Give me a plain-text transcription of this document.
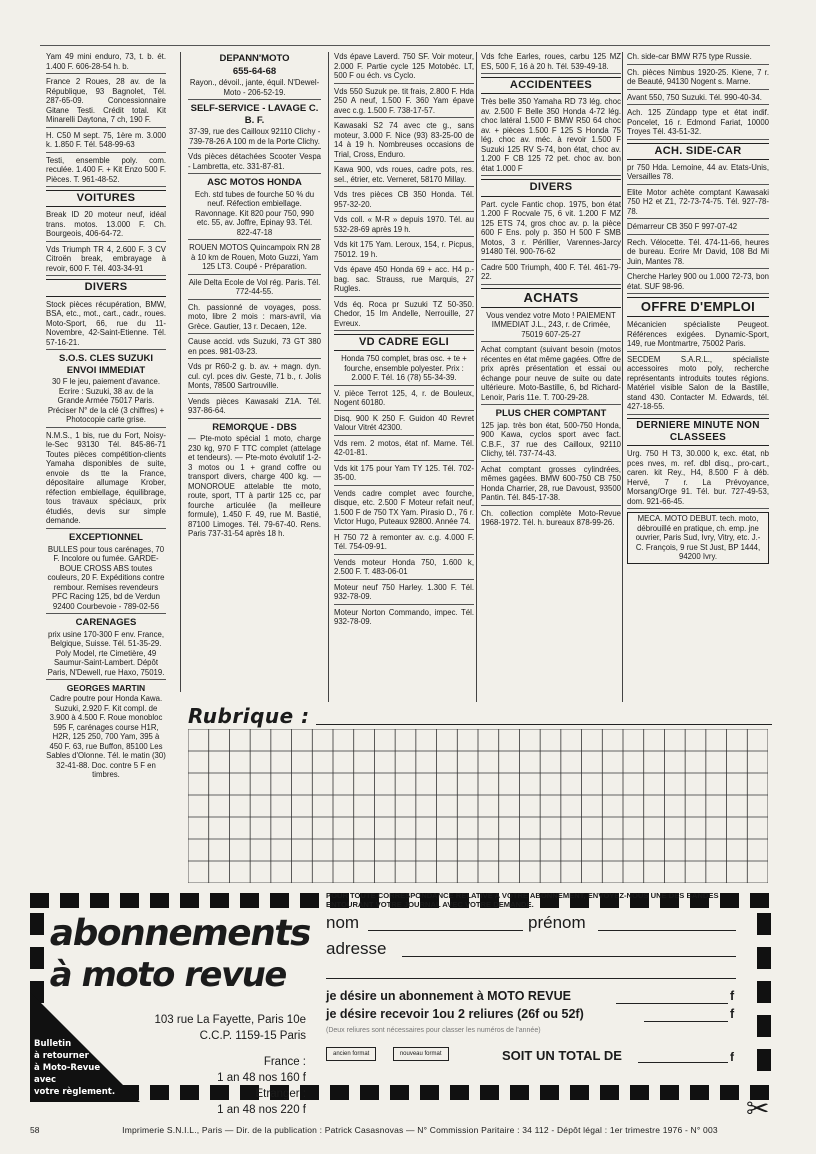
Yam 49 mini enduro, 73, t. b. ét. 1.400 F. 606-28-54 h. b.
France 2 Roues, 28 av. de la République, 93 Bagnolet, Tél. 287-65-09. Concessionnaire Gitane Testi. Crédit total. Kit Minarelli Daytona, 7 ch, 190 F.
H. C50 M sept. 75, 1ère m. 3.000 k. 1.850 F. Tél. 548-99-63
Testi, ensemble poly. com. reculée. 1.400 F. + Kit Enzo 500 F. Pièces. T. 961-48-52.
VOITURES
Break ID 20 moteur neuf, idéal trans. motos. 13.000 F. Ch. Bourgeois, 406-64-72.
Vds Triumph TR 4, 2.600 F. 3 CV Citroën break, embrayage à revoir, 600 F. Tél. 403-34-91
DIVERS
Stock pièces récupération, BMW, BSA, etc., mot., cart., cadr., roues. Moto-Sport, 66, rue du 11-Novembre, 42-Saint-Etienne. Tél. 57-16-21.
S.O.S. CLES SUZUKI ENVOI IMMEDIAT
30 F le jeu, paiement d'avance. Ecrire : Suzuki, 38 av. de la Grande Armée 75017 Paris. Préciser N° de la clé (3 chiffres) + Photocopie carte grise.
N.M.S., 1 bis, rue du Fort, Noisy-le-Sec 93130 Tél. 845-86-71 Toutes pièces compétition-clients Yamaha disponibles de suite, envoie ds tte la France, dépositaire allumage Krober, réfection embiellage, équilibrage, tous travaux spéciaux, prix étudiés, devis sur simple demande.
EXCEPTIONNEL
BULLES pour tous carénages, 70 F. Incolore ou fumée. GARDE-BOUE CROSS ABS toutes couleurs, 20 F. Expéditions contre rembour. Remises revendeurs PFC Racing 125, bd de Verdun 92400 Courbevoie - 789-02-56
CARENAGES
prix usine 170-300 F env. France, Belgique, Suisse. Tél. 51-35-29. Poly Model, rte Cimetière, 49 Saumur-Saint-Lambert. Dépôt Paris, N'Dewell, rue Haxo, 75019.
GEORGES MARTIN
Cadre poutre pour Honda Kawa. Suzuki, 2.920 F. Kit compl. de 3.900 à 4.500 F. Roue monobloc 595 F, carénages course H1R, H2R, 125 250, 700 Yam, 395 à 450 F. 63, rue Buffon, 85100 Les Sables d'Olonne. Tél. le matin (30) 32-41-88. Doc. contre 5 F en timbres.
DEPANN'MOTO
655-64-68
Rayon., dévoil., jante, équil. N'Dewel-Moto - 206-52-19.
SELF-SERVICE - LAVAGE C. B. F.
37-39, rue des Cailloux 92110 Clichy - 739-78-26 A 100 m de la Porte Clichy.
Vds pièces détachées Scooter Vespa - Lambretta, etc. 331-87-81.
ASC MOTOS HONDA
Ech. std tubes de fourche 50 % du neuf. Réfection embiellage. Ravonnage. Kit 820 pour 750, 990 etc. 55, av. Joffre, Epinay 93. Tél. 822-47-18
ROUEN MOTOS Quincampoix RN 28 à 10 km de Rouen, Moto Guzzi, Yam 125 LT3. Coupé - Préparation.
Aile Delta Ecole de Vol rég. Paris. Tél. 772-44-55.
Ch. passionné de voyages, poss. moto, libre 2 mois : mars-avril, via Grèce. Gautier, 13 r. Decaen, 12e.
Cause accid. vds Suzuki, 73 GT 380 en pces. 981-03-23.
Vds pr R60-2 g. b. av. + magn. dyn. cul. cyl. pces div. Geste, 71 b., r. Jolis Monts, 78500 Sartrouville.
Vends pièces Kawasaki Z1A. Tél. 937-86-64.
REMORQUE - DBS
— Pte-moto spécial 1 moto, charge 230 kg, 970 F TTC complet (attelage et tendeurs). — Pte-moto évolutif 1-2-3 motos ou 1 + grand coffre ou transport divers, charge 400 kg. — MONOROUE attelable tte moto, route, sport, TT à partir 125 cc, par fourche articulée (la meilleure formule), 1.450 F. 49, rue M. Bastié, 87100 Limoges. Tél. 79-67-40. Rens. Paris 737-31-54 après 18 h.
Vds épave Laverd. 750 SF. Voir moteur, 2.000 F. Partie cycle 125 Motobéc. LT, 500 F ou éch. vs Cyclo.
Vds 550 Suzuk pe. tit frais, 2.800 F. Hda 250 A neuf, 1.500 F. 360 Yam épave avec c.g. 1.500 F. 738-17-57.
Kawasaki S2 74 avec cte g., sans moteur, 3.000 F. Nice (93) 83-25-00 de 14 à 19 h. Nombreuses occasions de Trial, Cross, Enduro.
Kawa 900, vds roues, cadre pots, res. sel., étrier, etc. Verneret, 58170 Millay.
Vds tres pièces CB 350 Honda. Tél. 957-32-20.
Vds coll. « M-R » depuis 1970. Tél. au 532-28-69 après 19 h.
Vds kit 175 Yam. Leroux, 154, r. Picpus, 75012. 19 h.
Vds épave 450 Honda 69 + acc. H4 p.-bag. sac. Strauss, rue Marquis, 27 Rugles.
Vds éq. Roca pr Suzuki TZ 50-350. Chedor, 15 Im Andelle, Nerrouille, 27 Evreux.
VD CADRE EGLI
Honda 750 complet, bras osc. + te + fourche, ensemble polyester. Prix : 2.000 F. Tél. 16 (78) 55-34-39.
V. pièce Terrot 125, 4, r. de Bouleux, Nogent 60180.
Disq. 900 K 250 F. Guidon 40 Revret Valour Vitrét 42300.
Vds rem. 2 motos, état nf. Marne. Tél. 42-01-81.
Vds kit 175 pour Yam TY 125. Tél. 702-35-00.
Vends cadre complet avec fourche, disque, etc. 2.500 F Moteur refait neuf, 1.500 F de 750 TX Yam. Pirasio D., 76 r. Victor Hugo, Puteaux 92800. Année 74.
H 750 72 à remonter av. c.g. 4.000 F. Tél. 754-09-91.
Vends moteur Honda 750, 1.600 k, 2.500 F. T. 483-06-01
Moteur neuf 750 Harley. 1.300 F. Tél. 932-78-09.
Moteur Norton Commando, impec. Tél. 932-78-09.
Vds fche Earles, roues, carbu 125 MZ ES, 500 F, 16 à 20 h. Tél. 539-49-18.
ACCIDENTEES
Très belle 350 Yamaha RD 73 lég. choc av. 2.500 F Belle 350 Honda 4-72 lég. choc latéral 1.500 F BMW R50 64 choc av. + pièces 1.500 F 125 S Honda 75 lég. choc av. méc. à revoir 1.500 F Suzuki 125 RV S-74, bon état, choc av. 1.200 F CB 125 72 pet. choc av. bon état 1.000 F
DIVERS
Part. cycle Fantic chop. 1975, bon état 1.200 F Rocvale 75, 6 vit. 1.200 F MZ 125 ETS 74, gros choc av. p. la pièce 600 F Ens. poly p. 350 H 500 F SMB Motos, 3 r. Périllier, Varennes-Jarcy 91480 Tél. 900-76-62
Cadre 500 Triumph, 400 F. Tél. 461-79-22.
ACHATS
Vous vendez votre Moto ! PAIEMENT IMMEDIAT J.L., 243, r. de Crimée, 75019 607-25-27
Achat comptant (suivant besoin (motos récentes en état même gagées. Offre de prix après présentation et essai ou échange pour neuve de suite ou date ultérieure. Moto-Bastille, 6, bd Richard-Lenoir, Paris 11e. T. 700-29-28.
PLUS CHER COMPTANT
125 jap. très bon état, 500-750 Honda, 900 Kawa, cyclos sport avec fact. C.B.F., 37 rue des Cailloux, 92110 Clichy, tél. 737-74-43.
Achat comptant grosses cylindrées, mêmes gagées. BMW 600-750 CB 750 Honda Charrier, 28, rue Davoust, 93500 Pantin. Tél. 845-17-38.
Ch. collection complète Moto-Revue 1968-1972. Tél. h. bureaux 878-99-26.
Ch. side-car BMW R75 type Russie.
Ch. pièces Nimbus 1920-25. Kiene, 7 r. de Beauté, 94130 Nogent s. Marne.
Avant 550, 750 Suzuki. Tél. 990-40-34.
Ach. 125 Zündapp type et état indif. Poncelet, 16 r. Edmond Fariat, 10000 Troyes Tél. 43-51-32.
ACH. SIDE-CAR
pr 750 Hda. Lemoine, 44 av. Etats-Unis, Versailles 78.
Elite Motor achète comptant Kawasaki 750 H2 et Z1, 72-73-74-75. Tél. 927-78-78.
Démarreur CB 350 F 997-07-42
Rech. Vélocette. Tél. 474-11-66, heures de bureau. Ecrire Mr David, 108 Bd Mi Juin, Mantes 78.
Cherche Harley 900 ou 1.000 72-73, bon état. SUF 98-96.
OFFRE D'EMPLOI
Mécanicien spécialiste Peugeot. Références exigées. Dynamic-Sport, 149, rue Montmartre, 75002 Paris.
SECDEM S.A.R.L., spécialiste accessoires moto poly, recherche représentants introduits toutes régions. Matériel visible Salon de la Bastille, stand 430. Contacter M. Edwards, tél. 427-18-55.
DERNIERE MINUTE NON CLASSEES
Urg. 750 H T3, 30.000 k, exc. état, nb pces nves, m. ref. dbl disq., pro-cart., caren. kit Rey., H4, 8.500 F à déb. Hervé, 7 r. La Prévoyance, Morsang/Orge 91. Tél. bur. 727-49-53, dom. 921-66-45.
MECA. MOTO DEBUT. tech. moto, débrouillé en pratique, ch. emp. jne ouvrier, Paris Sud, Ivry, Vitry, etc. J.-C. François, 9 rue St Just, BP 1444, 94200 Ivry.
Rubrique :
abonnements
à moto revue
103 rue La Fayette, Paris 10e
C.C.P. 1159-15 Paris
France :
1 an 48 nos 160 f
Etranger :
1 an 48 nos 220 f
Bulletin
à retourner
à Moto-Revue
avec
votre règlement.
POUR TOUTE CORRESPONDANCE RELATIVE A VOTRE ABONNEMENT, ENVOYEZ-NOUS UNE DES BANDES ENTOURANT VOTRE JOURNAL AVEC VOTRE DEMANDE.
nom	prénom
adresse
je désire un abonnement à MOTO REVUE	f
je désire recevoir 1ou 2 reliures (26f ou 52f)	f
(Deux reliures sont nécessaires pour classer les numéros de l'année)
ancien format	nouveau format	SOIT UN TOTAL DE	f
✂
58	Imprimerie S.N.I.L., Paris — Dir. de la publication : Patrick Casasnovas — N° Commission Paritaire : 34 112 - Dépôt légal : 1er trimestre 1976 - N° 003
